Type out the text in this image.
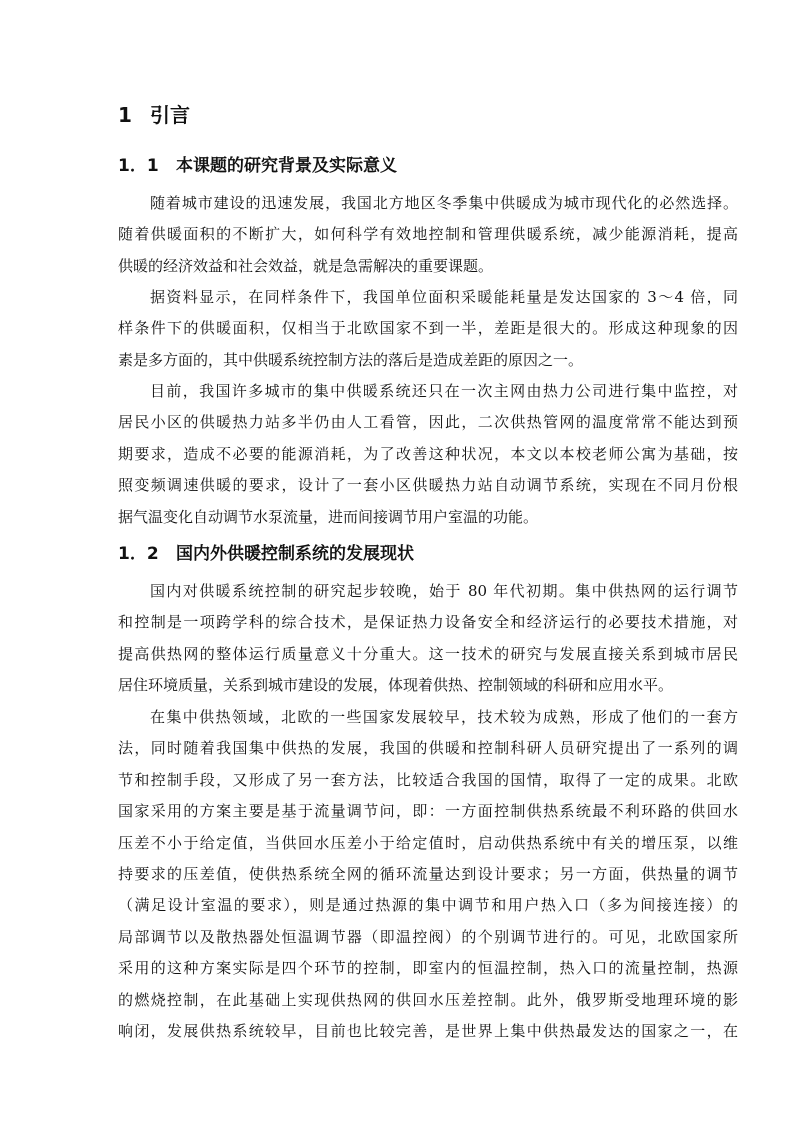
1 引言
1．1 本课题的研究背景及实际意义
随着城市建设的迅速发展，我国北方地区冬季集中供暖成为城市现代化的必然选择。
随着供暖面积的不断扩大，如何科学有效地控制和管理供暖系统，减少能源消耗，提高
供暖的经济效益和社会效益，就是急需解决的重要课题。
据资料显示，在同样条件下，我国单位面积采暖能耗量是发达国家的 3～4 倍，同
样条件下的供暖面积，仅相当于北欧国家不到一半，差距是很大的。形成这种现象的因
素是多方面的，其中供暖系统控制方法的落后是造成差距的原因之一。
目前，我国许多城市的集中供暖系统还只在一次主网由热力公司进行集中监控，对
居民小区的供暖热力站多半仍由人工看管，因此，二次供热管网的温度常常不能达到预
期要求，造成不必要的能源消耗，为了改善这种状况，本文以本校老师公寓为基础，按
照变频调速供暖的要求，设计了一套小区供暖热力站自动调节系统，实现在不同月份根
据气温变化自动调节水泵流量，进而间接调节用户室温的功能。
1．2 国内外供暖控制系统的发展现状
国内对供暖系统控制的研究起步较晚，始于 80 年代初期。集中供热网的运行调节
和控制是一项跨学科的综合技术，是保证热力设备安全和经济运行的必要技术措施，对
提高供热网的整体运行质量意义十分重大。这一技术的研究与发展直接关系到城市居民
居住环境质量，关系到城市建设的发展，体现着供热、控制领域的科研和应用水平。
在集中供热领域，北欧的一些国家发展较早，技术较为成熟，形成了他们的一套方
法，同时随着我国集中供热的发展，我国的供暖和控制科研人员研究提出了一系列的调
节和控制手段，又形成了另一套方法，比较适合我国的国情，取得了一定的成果。北欧
国家采用的方案主要是基于流量调节问，即：一方面控制供热系统最不利环路的供回水
压差不小于给定值，当供回水压差小于给定值时，启动供热系统中有关的增压泵，以维
持要求的压差值，使供热系统全网的循环流量达到设计要求；另一方面，供热量的调节
（满足设计室温的要求），则是通过热源的集中调节和用户热入口（多为间接连接）的
局部调节以及散热器处恒温调节器（即温控阀）的个别调节进行的。可见，北欧国家所
采用的这种方案实际是四个环节的控制，即室内的恒温控制，热入口的流量控制，热源
的燃烧控制，在此基础上实现供热网的供回水压差控制。此外，俄罗斯受地理环境的影
响闭，发展供热系统较早，目前也比较完善，是世界上集中供热最发达的国家之一，在
